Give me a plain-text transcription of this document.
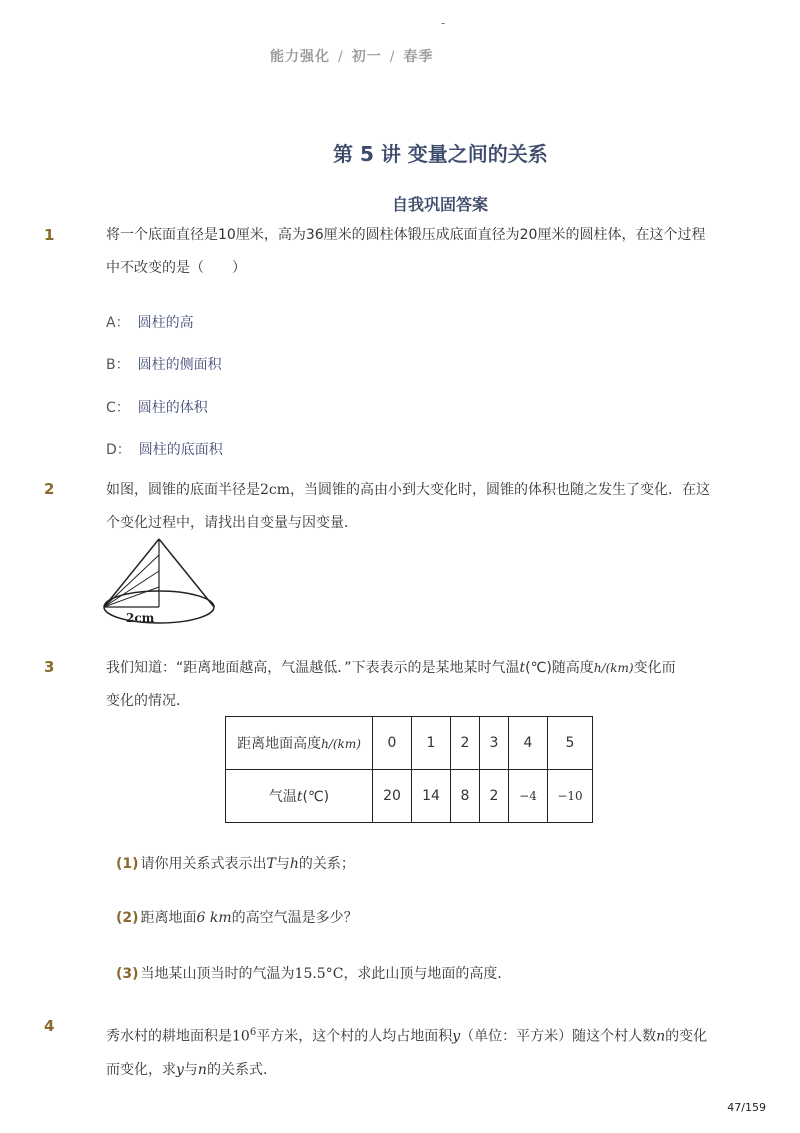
-
能力强化 / 初一 / 春季
第 5 讲 变量之间的关系
自我巩固答案
1	将一个底面直径是10厘米，高为36厘米的圆柱体锻压成底面直径为20厘米的圆柱体，在这个过程
中不改变的是（　　）
A： 圆柱的高
B： 圆柱的侧面积
C： 圆柱的体积
D： 圆柱的底面积
2	如图，圆锥的底面半径是2cm，当圆锥的高由小到大变化时，圆锥的体积也随之发生了变化．在这
个变化过程中，请找出自变量与因变量．
2cm
3	我们知道：“距离地面越高，气温越低．”下表表示的是某地某时气温t(℃)随高度h/(km)变化而
变化的情况．
距离地面高度h/(km)	0	1	2	3	4	5
气温t(℃)	20	14	8	2	−4	−10
(1) 请你用关系式表示出T与h的关系；
(2) 距离地面6 km的高空气温是多少？
(3) 当地某山顶当时的气温为15.5°C，求此山顶与地面的高度．
4
秀水村的耕地面积是$10^6$平方米，这个村的人均占地面积y（单位：平方米）随这个村人数n的变化
而变化，求y与n的关系式．
47/159
